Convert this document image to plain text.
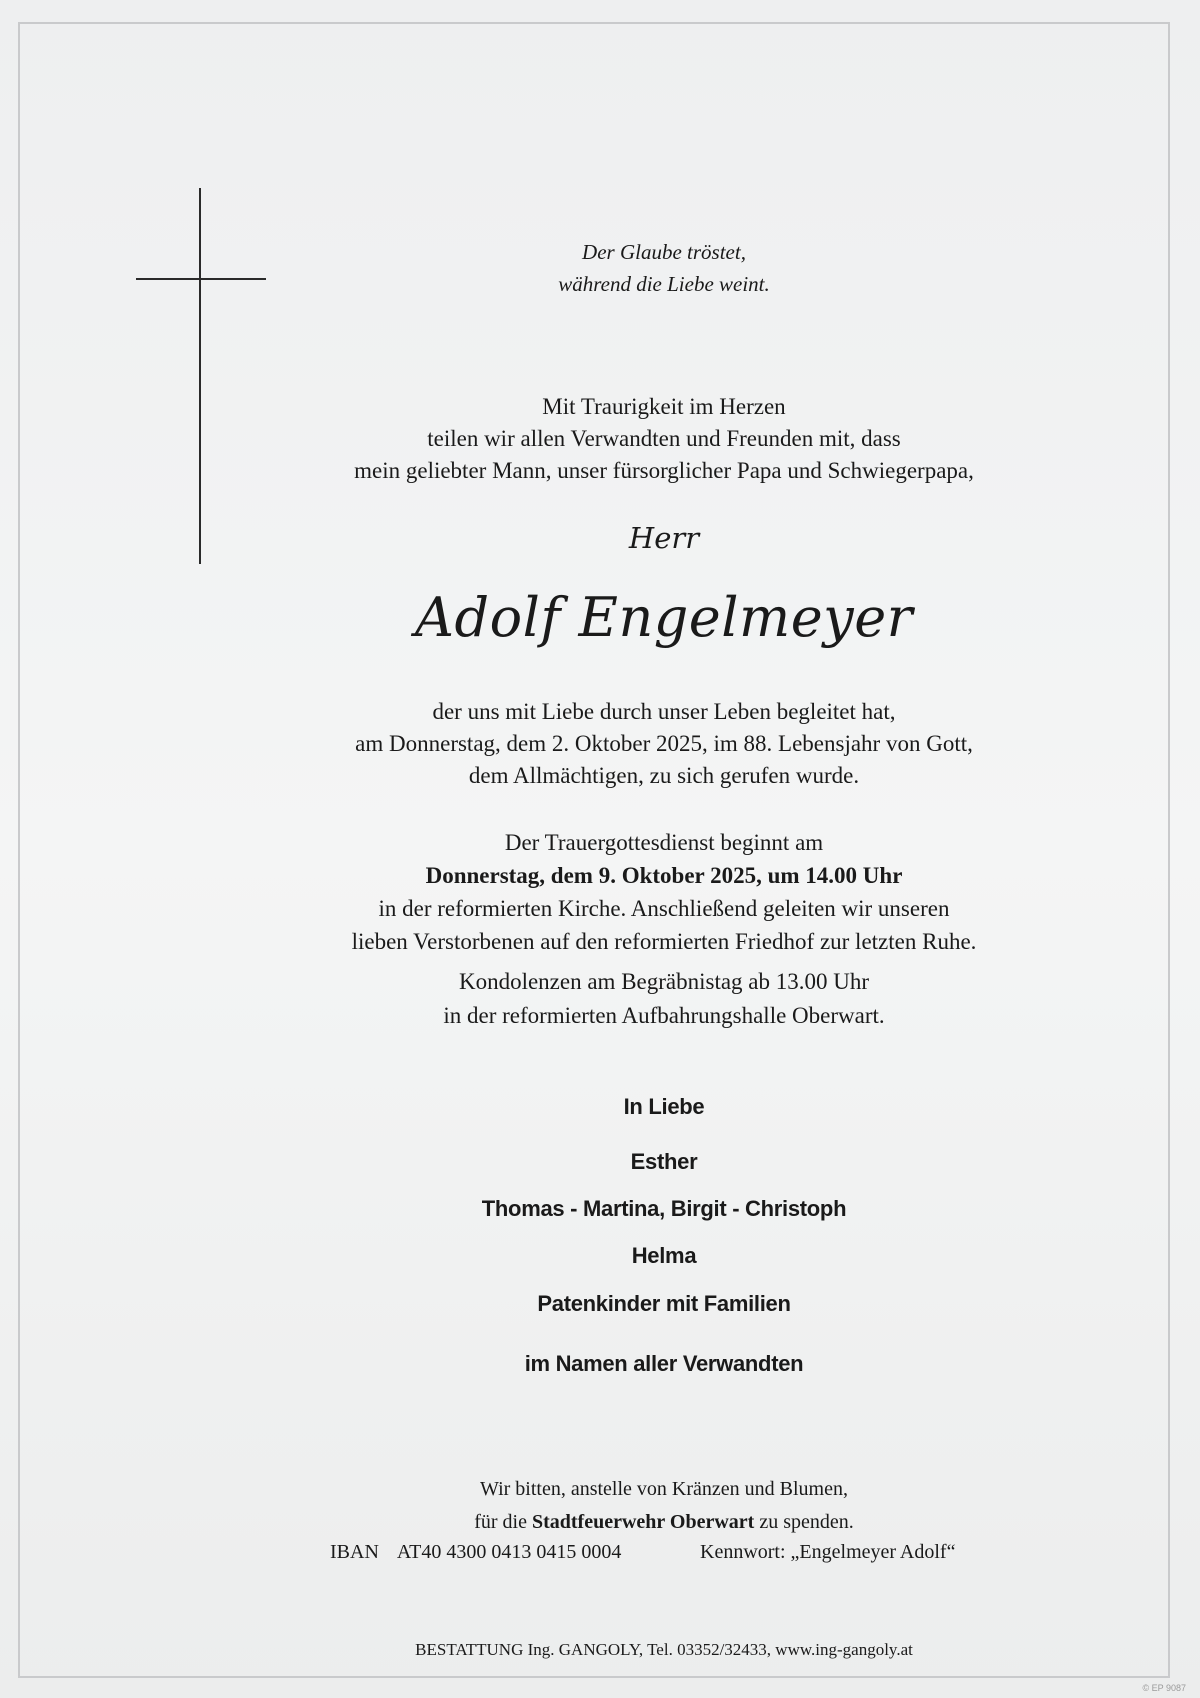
Der Glaube tröstet,
während die Liebe weint.
Mit Traurigkeit im Herzen
teilen wir allen Verwandten und Freunden mit, dass
mein geliebter Mann, unser fürsorglicher Papa und Schwiegerpapa,
Herr
Adolf Engelmeyer
der uns mit Liebe durch unser Leben begleitet hat,
am Donnerstag, dem 2. Oktober 2025, im 88. Lebensjahr von Gott,
dem Allmächtigen, zu sich gerufen wurde.
Der Trauergottesdienst beginnt am
Donnerstag, dem 9. Oktober 2025, um 14.00 Uhr
in der reformierten Kirche. Anschließend geleiten wir unseren
lieben Verstorbenen auf den reformierten Friedhof zur letzten Ruhe.
Kondolenzen am Begräbnistag ab 13.00 Uhr
in der reformierten Aufbahrungshalle Oberwart.
In Liebe
Esther
Thomas - Martina, Birgit - Christoph
Helma
Patenkinder mit Familien
im Namen aller Verwandten
Wir bitten, anstelle von Kränzen und Blumen,
für die Stadtfeuerwehr Oberwart zu spenden.
IBAN AT40 4300 0413 0415 0004	Kennwort: „Engelmeyer Adolf“
BESTATTUNG Ing. GANGOLY, Tel. 03352/32433, www.ing-gangoly.at
© EP 9087
